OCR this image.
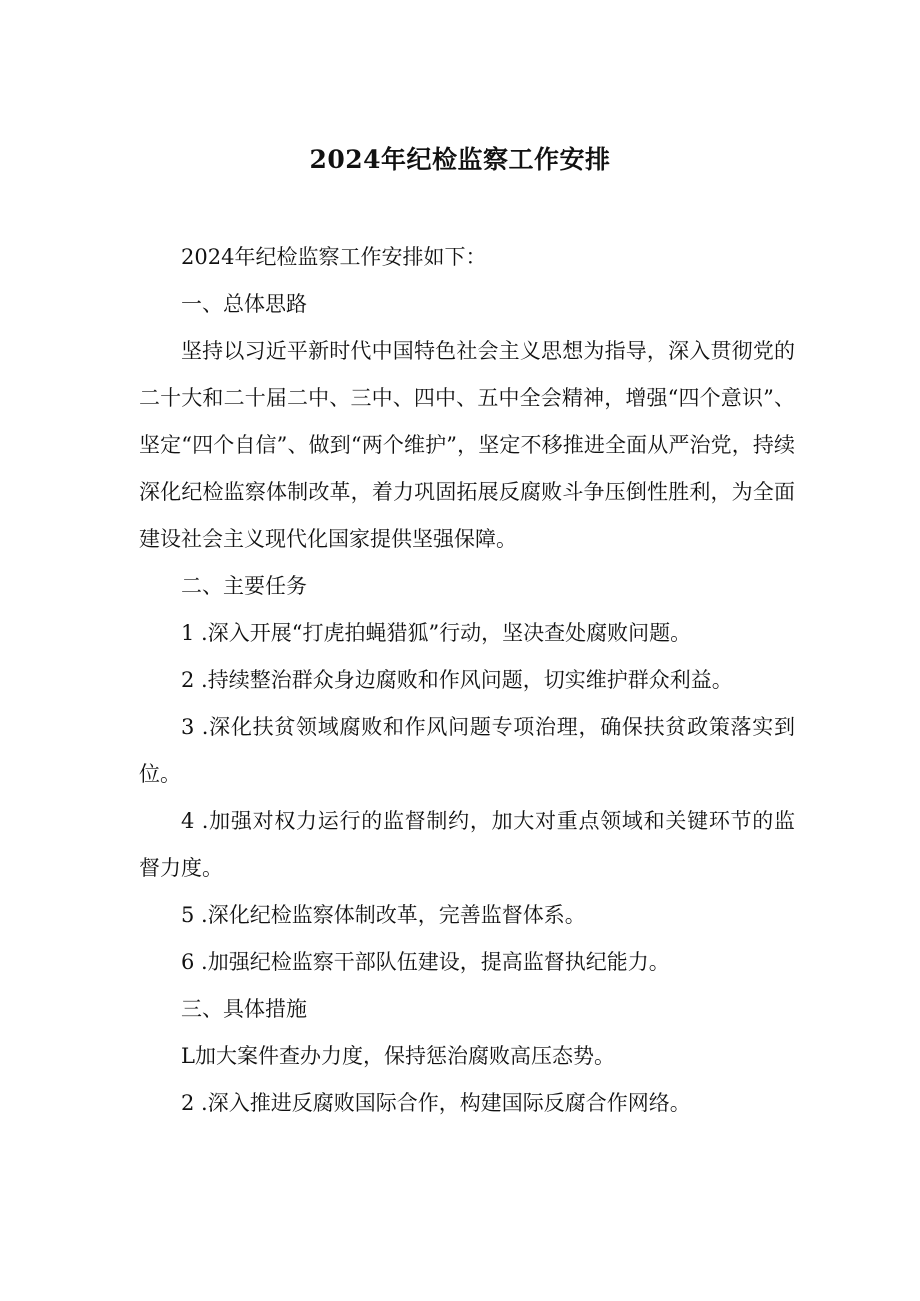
2024年纪检监察工作安排

2024年纪检监察工作安排如下：

一、总体思路

坚持以习近平新时代中国特色社会主义思想为指导，深入贯彻党的二十大和二十届二中、三中、四中、五中全会精神，增强“四个意识”、坚定“四个自信”、做到“两个维护”，坚定不移推进全面从严治党，持续深化纪检监察体制改革，着力巩固拓展反腐败斗争压倒性胜利，为全面建设社会主义现代化国家提供坚强保障。

二、主要任务

1 .深入开展“打虎拍蝇猎狐”行动，坚决查处腐败问题。

2 .持续整治群众身边腐败和作风问题，切实维护群众利益。

3 .深化扶贫领域腐败和作风问题专项治理，确保扶贫政策落实到位。

4 .加强对权力运行的监督制约，加大对重点领域和关键环节的监督力度。

5 .深化纪检监察体制改革，完善监督体系。

6 .加强纪检监察干部队伍建设，提高监督执纪能力。

三、具体措施

L加大案件查办力度，保持惩治腐败高压态势。

2 .深入推进反腐败国际合作，构建国际反腐合作网络。
